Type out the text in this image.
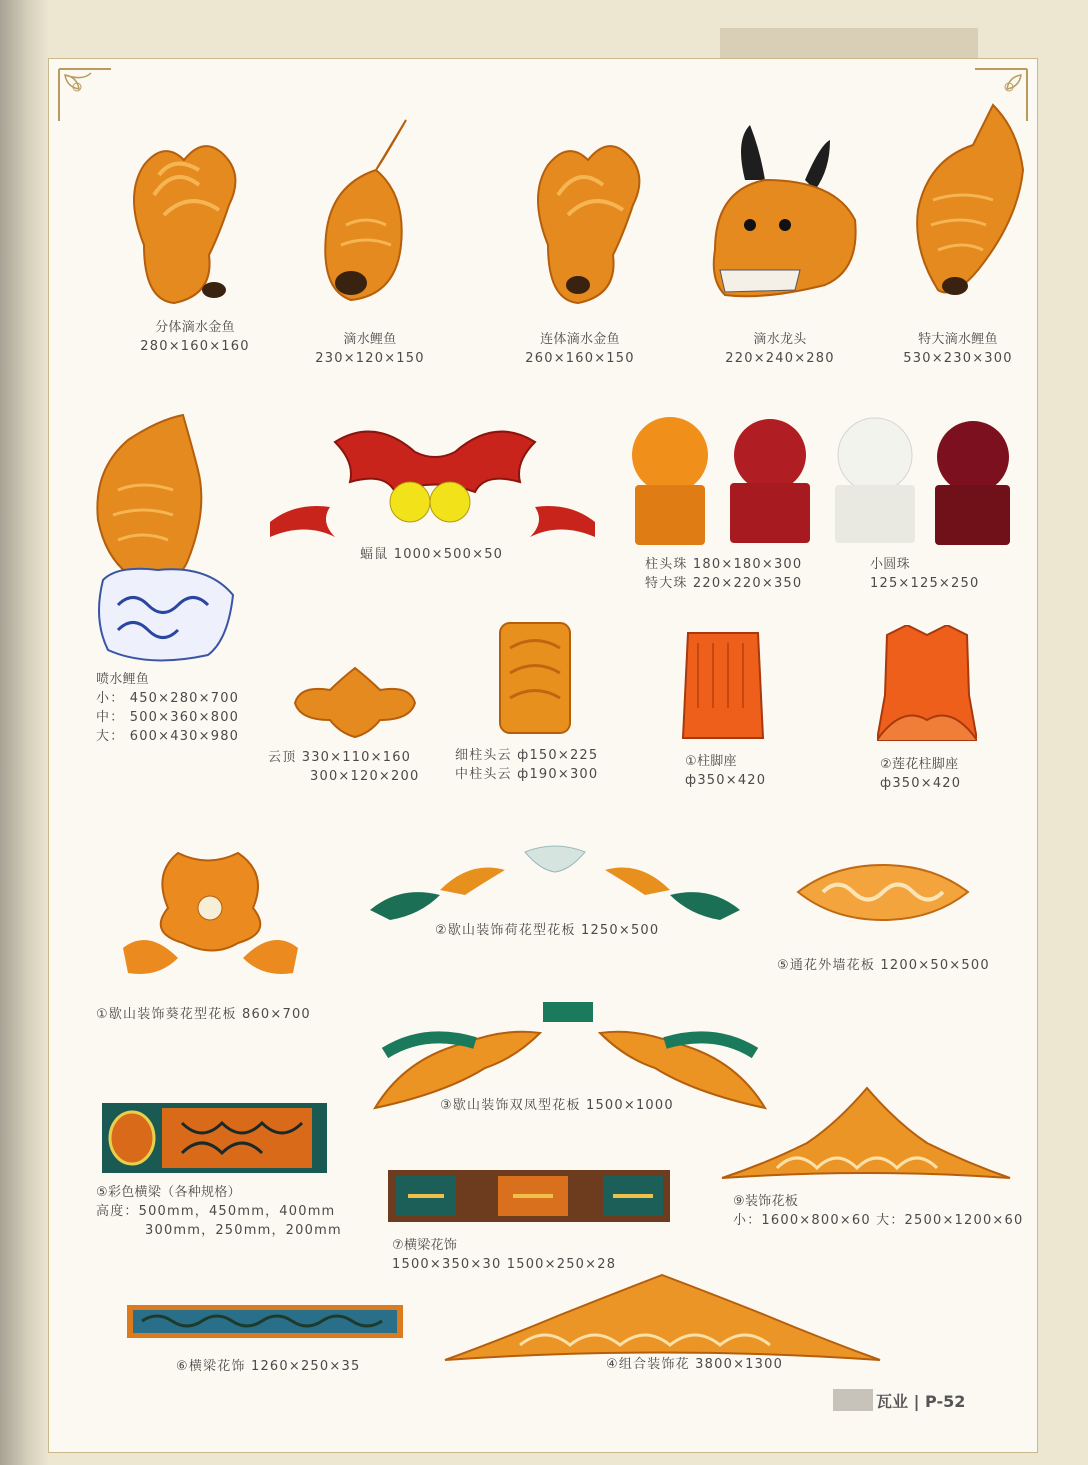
分体滴水金鱼
280×160×160	滴水鲤鱼
230×120×150
连体滴水金鱼
260×160×150
滴水龙头
220×240×280
特大滴水鲤鱼
530×230×300
喷水鲤鱼
小： 450×280×700
中： 500×360×800
大： 600×430×980
蝠鼠 1000×500×50
柱头珠 180×180×300
特大珠 220×220×350
小圆珠
125×125×250
云顶 330×110×160
300×120×200
细柱头云 ф150×225
中柱头云 ф190×300
①柱脚座
ф350×420
②莲花柱脚座
ф350×420
①歇山装饰葵花型花板 860×700
②歇山装饰荷花型花板 1250×500
⑤通花外墙花板 1200×50×500
③歇山装饰双凤型花板 1500×1000
⑤彩色横梁（各种规格）
高度：500mm，450mm，400mm
300mm，250mm，200mm
⑦横梁花饰
1500×350×30 1500×250×28
⑨装饰花板
小：1600×800×60 大：2500×1200×60
⑥横梁花饰 1260×250×35	④组合装饰花 3800×1300
瓦业 | P-52
